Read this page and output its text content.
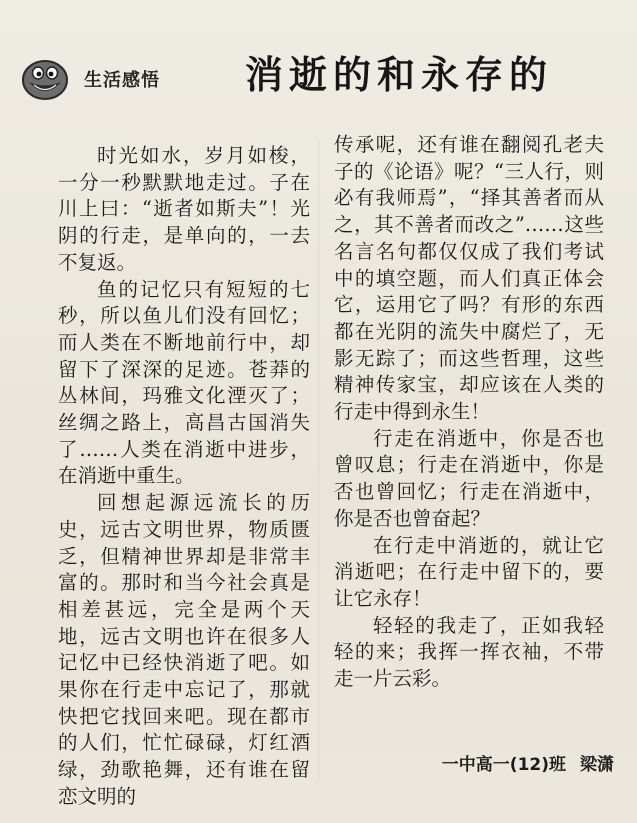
生活感悟 消逝的和永存的

时光如水，岁月如梭，一分一秒默默地走过。子在川上曰：“逝者如斯夫”！光阴的行走，是单向的，一去不复返。

鱼的记忆只有短短的七秒，所以鱼儿们没有回忆；而人类在不断地前行中，却留下了深深的足迹。苍莽的丛林间，玛雅文化湮灭了；丝绸之路上，高昌古国消失了……人类在消逝中进步，在消逝中重生。

回想起源远流长的历史，远古文明世界，物质匮乏，但精神世界却是非常丰富的。那时和当今社会真是相差甚远，完全是两个天地，远古文明也许在很多人记忆中已经快消逝了吧。如果你在行走中忘记了，那就快把它找回来吧。现在都市的人们，忙忙碌碌，灯红酒绿，劲歌艳舞，还有谁在留恋文明的

传承呢，还有谁在翻阅孔老夫子的《论语》呢？“三人行，则必有我师焉”，“择其善者而从之，其不善者而改之”……这些名言名句都仅仅成了我们考试中的填空题，而人们真正体会它，运用它了吗？有形的东西都在光阴的流失中腐烂了，无影无踪了；而这些哲理，这些精神传家宝，却应该在人类的行走中得到永生！

行走在消逝中，你是否也曾叹息；行走在消逝中，你是否也曾回忆；行走在消逝中，你是否也曾奋起？

在行走中消逝的，就让它消逝吧；在行走中留下的，要让它永存！

轻轻的我走了，正如我轻轻的来；我挥一挥衣袖，不带走一片云彩。

一中高一(12)班 梁潇
